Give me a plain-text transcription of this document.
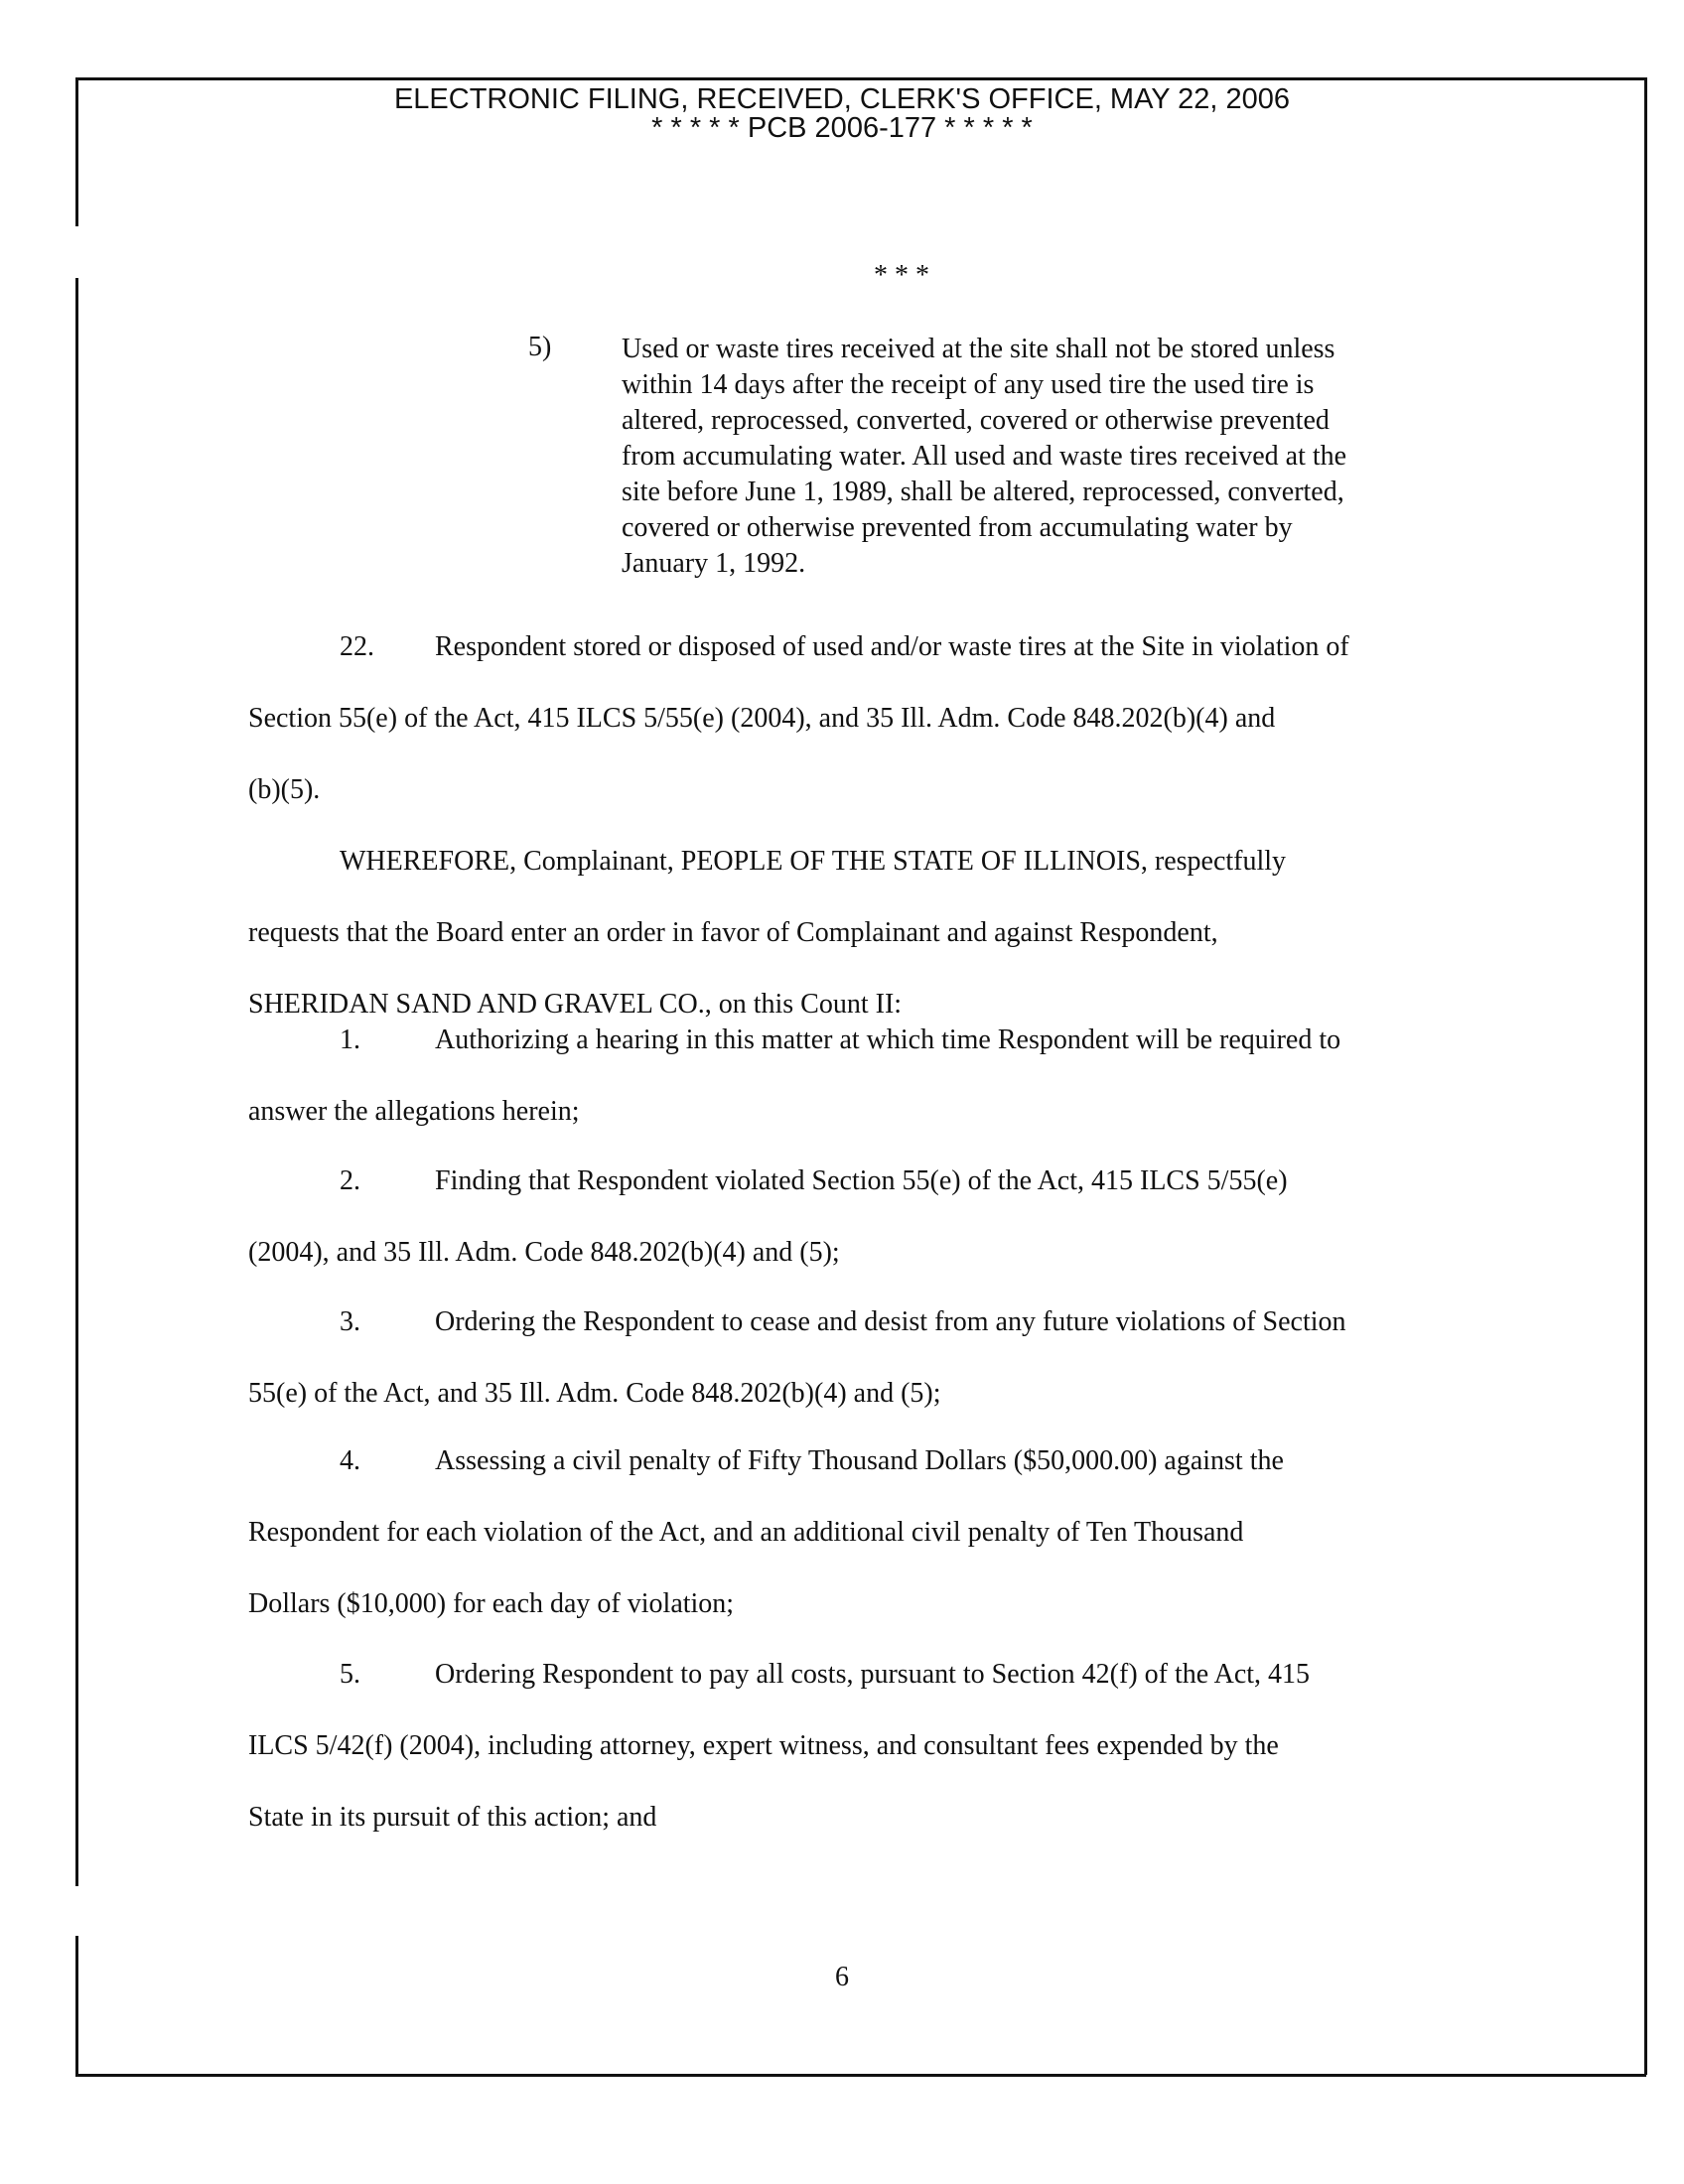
ELECTRONIC FILING, RECEIVED, CLERK'S OFFICE, MAY 22, 2006
* * * * * PCB 2006-177 * * * * *
* * *
5)	Used or waste tires received at the site shall not be stored unless
within 14 days after the receipt of any used tire the used tire is
altered, reprocessed, converted, covered or otherwise prevented
from accumulating water. All used and waste tires received at the
site before June 1, 1989, shall be altered, reprocessed, converted,
covered or otherwise prevented from accumulating water by
January 1, 1992.
22. Respondent stored or disposed of used and/or waste tires at the Site in violation of
Section 55(e) of the Act, 415 ILCS 5/55(e) (2004), and 35 Ill. Adm. Code 848.202(b)(4) and
(b)(5).
WHEREFORE, Complainant, PEOPLE OF THE STATE OF ILLINOIS, respectfully
requests that the Board enter an order in favor of Complainant and against Respondent,
SHERIDAN SAND AND GRAVEL CO., on this Count II:
1.	Authorizing a hearing in this matter at which time Respondent will be required to
answer the allegations herein;
2.	Finding that Respondent violated Section 55(e) of the Act, 415 ILCS 5/55(e)
(2004), and 35 Ill. Adm. Code 848.202(b)(4) and (5);
3.	Ordering the Respondent to cease and desist from any future violations of Section
55(e) of the Act, and 35 Ill. Adm. Code 848.202(b)(4) and (5);
4.	Assessing a civil penalty of Fifty Thousand Dollars ($50,000.00) against the
Respondent for each violation of the Act, and an additional civil penalty of Ten Thousand
Dollars ($10,000) for each day of violation;
5.	Ordering Respondent to pay all costs, pursuant to Section 42(f) of the Act, 415
ILCS 5/42(f) (2004), including attorney, expert witness, and consultant fees expended by the
State in its pursuit of this action; and
6
